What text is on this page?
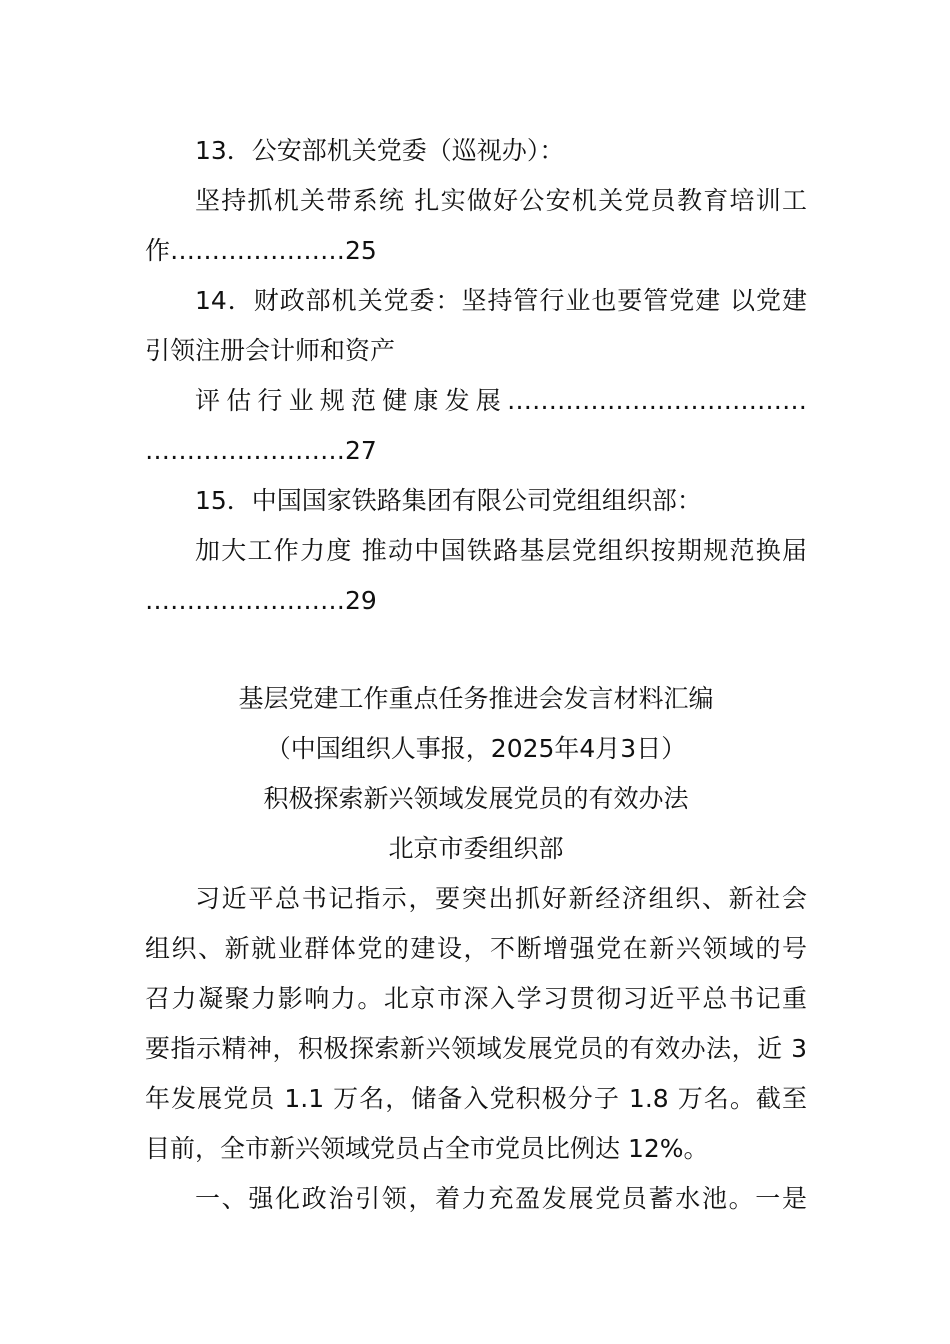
13．公安部机关党委（巡视办）：
坚持抓机关带系统 扎实做好公安机关党员教育培训工
作…………………25
14．财政部机关党委：坚持管行业也要管党建 以党建
引领注册会计师和资产
评估行业规范健康发展………………………………
……………………27
15．中国国家铁路集团有限公司党组组织部：
加大工作力度 推动中国铁路基层党组织按期规范换届
……………………29
基层党建工作重点任务推进会发言材料汇编
（中国组织人事报，2025年4月3日）
积极探索新兴领域发展党员的有效办法
北京市委组织部
习近平总书记指示，要突出抓好新经济组织、新社会
组织、新就业群体党的建设，不断增强党在新兴领域的号
召力凝聚力影响力。北京市深入学习贯彻习近平总书记重
要指示精神，积极探索新兴领域发展党员的有效办法，近 3
年发展党员 1.1 万名，储备入党积极分子 1.8 万名。截至
目前，全市新兴领域党员占全市党员比例达 12%。
一、强化政治引领，着力充盈发展党员蓄水池。一是
